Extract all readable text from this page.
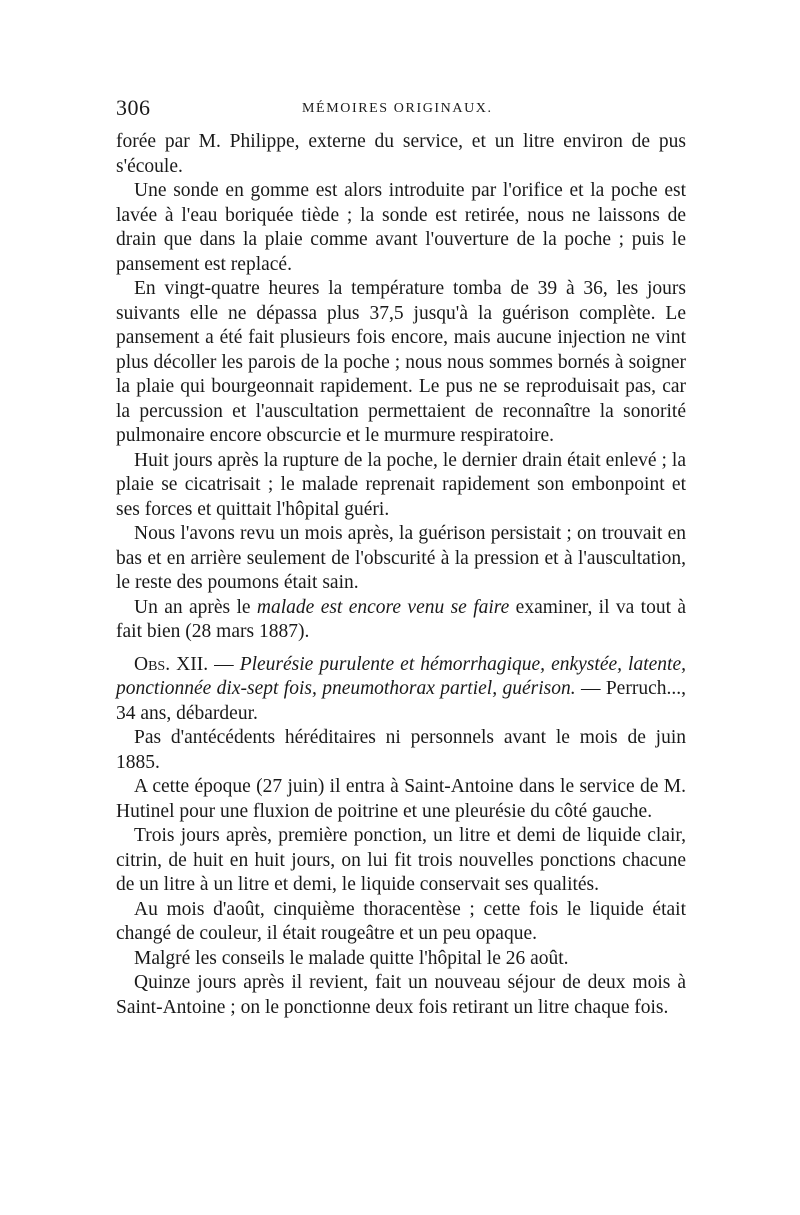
306	MÉMOIRES ORIGINAUX.

forée par M. Philippe, externe du service, et un litre environ de pus s'écoule.

Une sonde en gomme est alors introduite par l'orifice et la poche est lavée à l'eau boriquée tiède ; la sonde est retirée, nous ne laissons de drain que dans la plaie comme avant l'ouverture de la poche ; puis le pansement est replacé.

En vingt-quatre heures la température tomba de 39 à 36, les jours suivants elle ne dépassa plus 37,5 jusqu'à la guérison complète. Le pansement a été fait plusieurs fois encore, mais aucune injection ne vint plus décoller les parois de la poche ; nous nous sommes bornés à soigner la plaie qui bourgeonnait rapidement. Le pus ne se reproduisait pas, car la percussion et l'auscultation permettaient de reconnaître la sonorité pulmonaire encore obscurcie et le murmure respiratoire.

Huit jours après la rupture de la poche, le dernier drain était enlevé ; la plaie se cicatrisait ; le malade reprenait rapidement son embonpoint et ses forces et quittait l'hôpital guéri.

Nous l'avons revu un mois après, la guérison persistait ; on trouvait en bas et en arrière seulement de l'obscurité à la pression et à l'auscultation, le reste des poumons était sain.

Un an après le malade est encore venu se faire examiner, il va tout à fait bien (28 mars 1887).

Obs. XII. — Pleurésie purulente et hémorrhagique, enkystée, latente, ponctionnée dix-sept fois, pneumothorax partiel, guérison. — Perruch..., 34 ans, débardeur.

Pas d'antécédents héréditaires ni personnels avant le mois de juin 1885.

A cette époque (27 juin) il entra à Saint-Antoine dans le service de M. Hutinel pour une fluxion de poitrine et une pleurésie du côté gauche.

Trois jours après, première ponction, un litre et demi de liquide clair, citrin, de huit en huit jours, on lui fit trois nouvelles ponctions chacune de un litre à un litre et demi, le liquide conservait ses qualités.

Au mois d'août, cinquième thoracentèse ; cette fois le liquide était changé de couleur, il était rougeâtre et un peu opaque.

Malgré les conseils le malade quitte l'hôpital le 26 août.

Quinze jours après il revient, fait un nouveau séjour de deux mois à Saint-Antoine ; on le ponctionne deux fois retirant un litre chaque fois.
